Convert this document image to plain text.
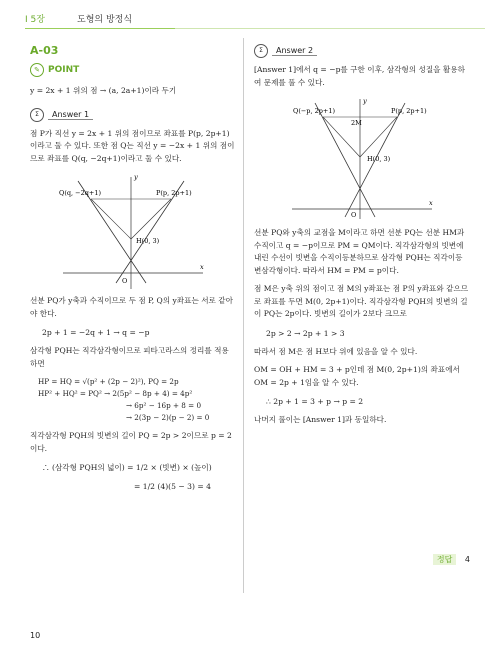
I 5장	도형의 방정식
A-03
✎ POINT

y = 2x + 1 위의 점 → (a, 2a+1)이라 두기

Σ	Answer 1

점 P가 직선 y = 2x + 1 위의 점이므로 좌표를 P(p, 2p+1)이라고 둘 수 있다. 또한 점 Q는 직선 y = −2x + 1 위의 점이므로 좌표를 Q(q, −2q+1)이라고 둘 수 있다.

Q(q, −2q+1)	P(p, 2p+1)
H(0, 3)
O
x
y

선분 PQ가 y축과 수직이므로 두 점 P, Q의 y좌표는 서로 같아야 한다.

2p + 1 = −2q + 1 → q = −p

삼각형 PQH는 직각삼각형이므로 피타고라스의 정리를 적용하면

HP = HQ = √(p² + (2p − 2)²), PQ = 2p
HP² + HQ² = PQ² → 2(5p² − 8p + 4) = 4p²
→ 6p² − 16p + 8 = 0
→ 2(3p − 2)(p − 2) = 0

직각삼각형 PQH의 빗변의 길이 PQ = 2p > 2이므로 p = 2이다.

∴ (삼각형 PQH의 넓이) = 1/2 × (빗변) × (높이)
= 1/2 (4)(5 − 3) = 4
Σ	Answer 2

[Answer 1]에서 q = −p를 구한 이후, 삼각형의 성질을 활용하여 문제를 풀 수 있다.

Q(−p, 2p+1)
2M
P(p, 2p+1)
H(0, 3)
O
x
y

선분 PQ와 y축의 교점을 M이라고 하면 선분 PQ는 선분 HM과 수직이고 q = −p이므로 PM = QM이다. 직각삼각형의 빗변에 내린 수선이 빗변을 수직이등분하므로 삼각형 PQH는 직각이등변삼각형이다. 따라서 HM = PM = p이다.

점 M은 y축 위의 점이고 점 M의 y좌표는 점 P의 y좌표와 같으므로 좌표를 두면 M(0, 2p+1)이다. 직각삼각형 PQH의 빗변의 길이 PQ는 2p이다. 빗변의 길이가 2보다 크므로

2p > 2 → 2p + 1 > 3

따라서 점 M은 점 H보다 위에 있음을 알 수 있다.

OM = OH + HM = 3 + p인데 점 M(0, 2p+1)의 좌표에서 OM = 2p + 1임을 알 수 있다.

∴ 2p + 1 = 3 + p → p = 2

나머지 풀이는 [Answer 1]과 동일하다.

정답 4
10
